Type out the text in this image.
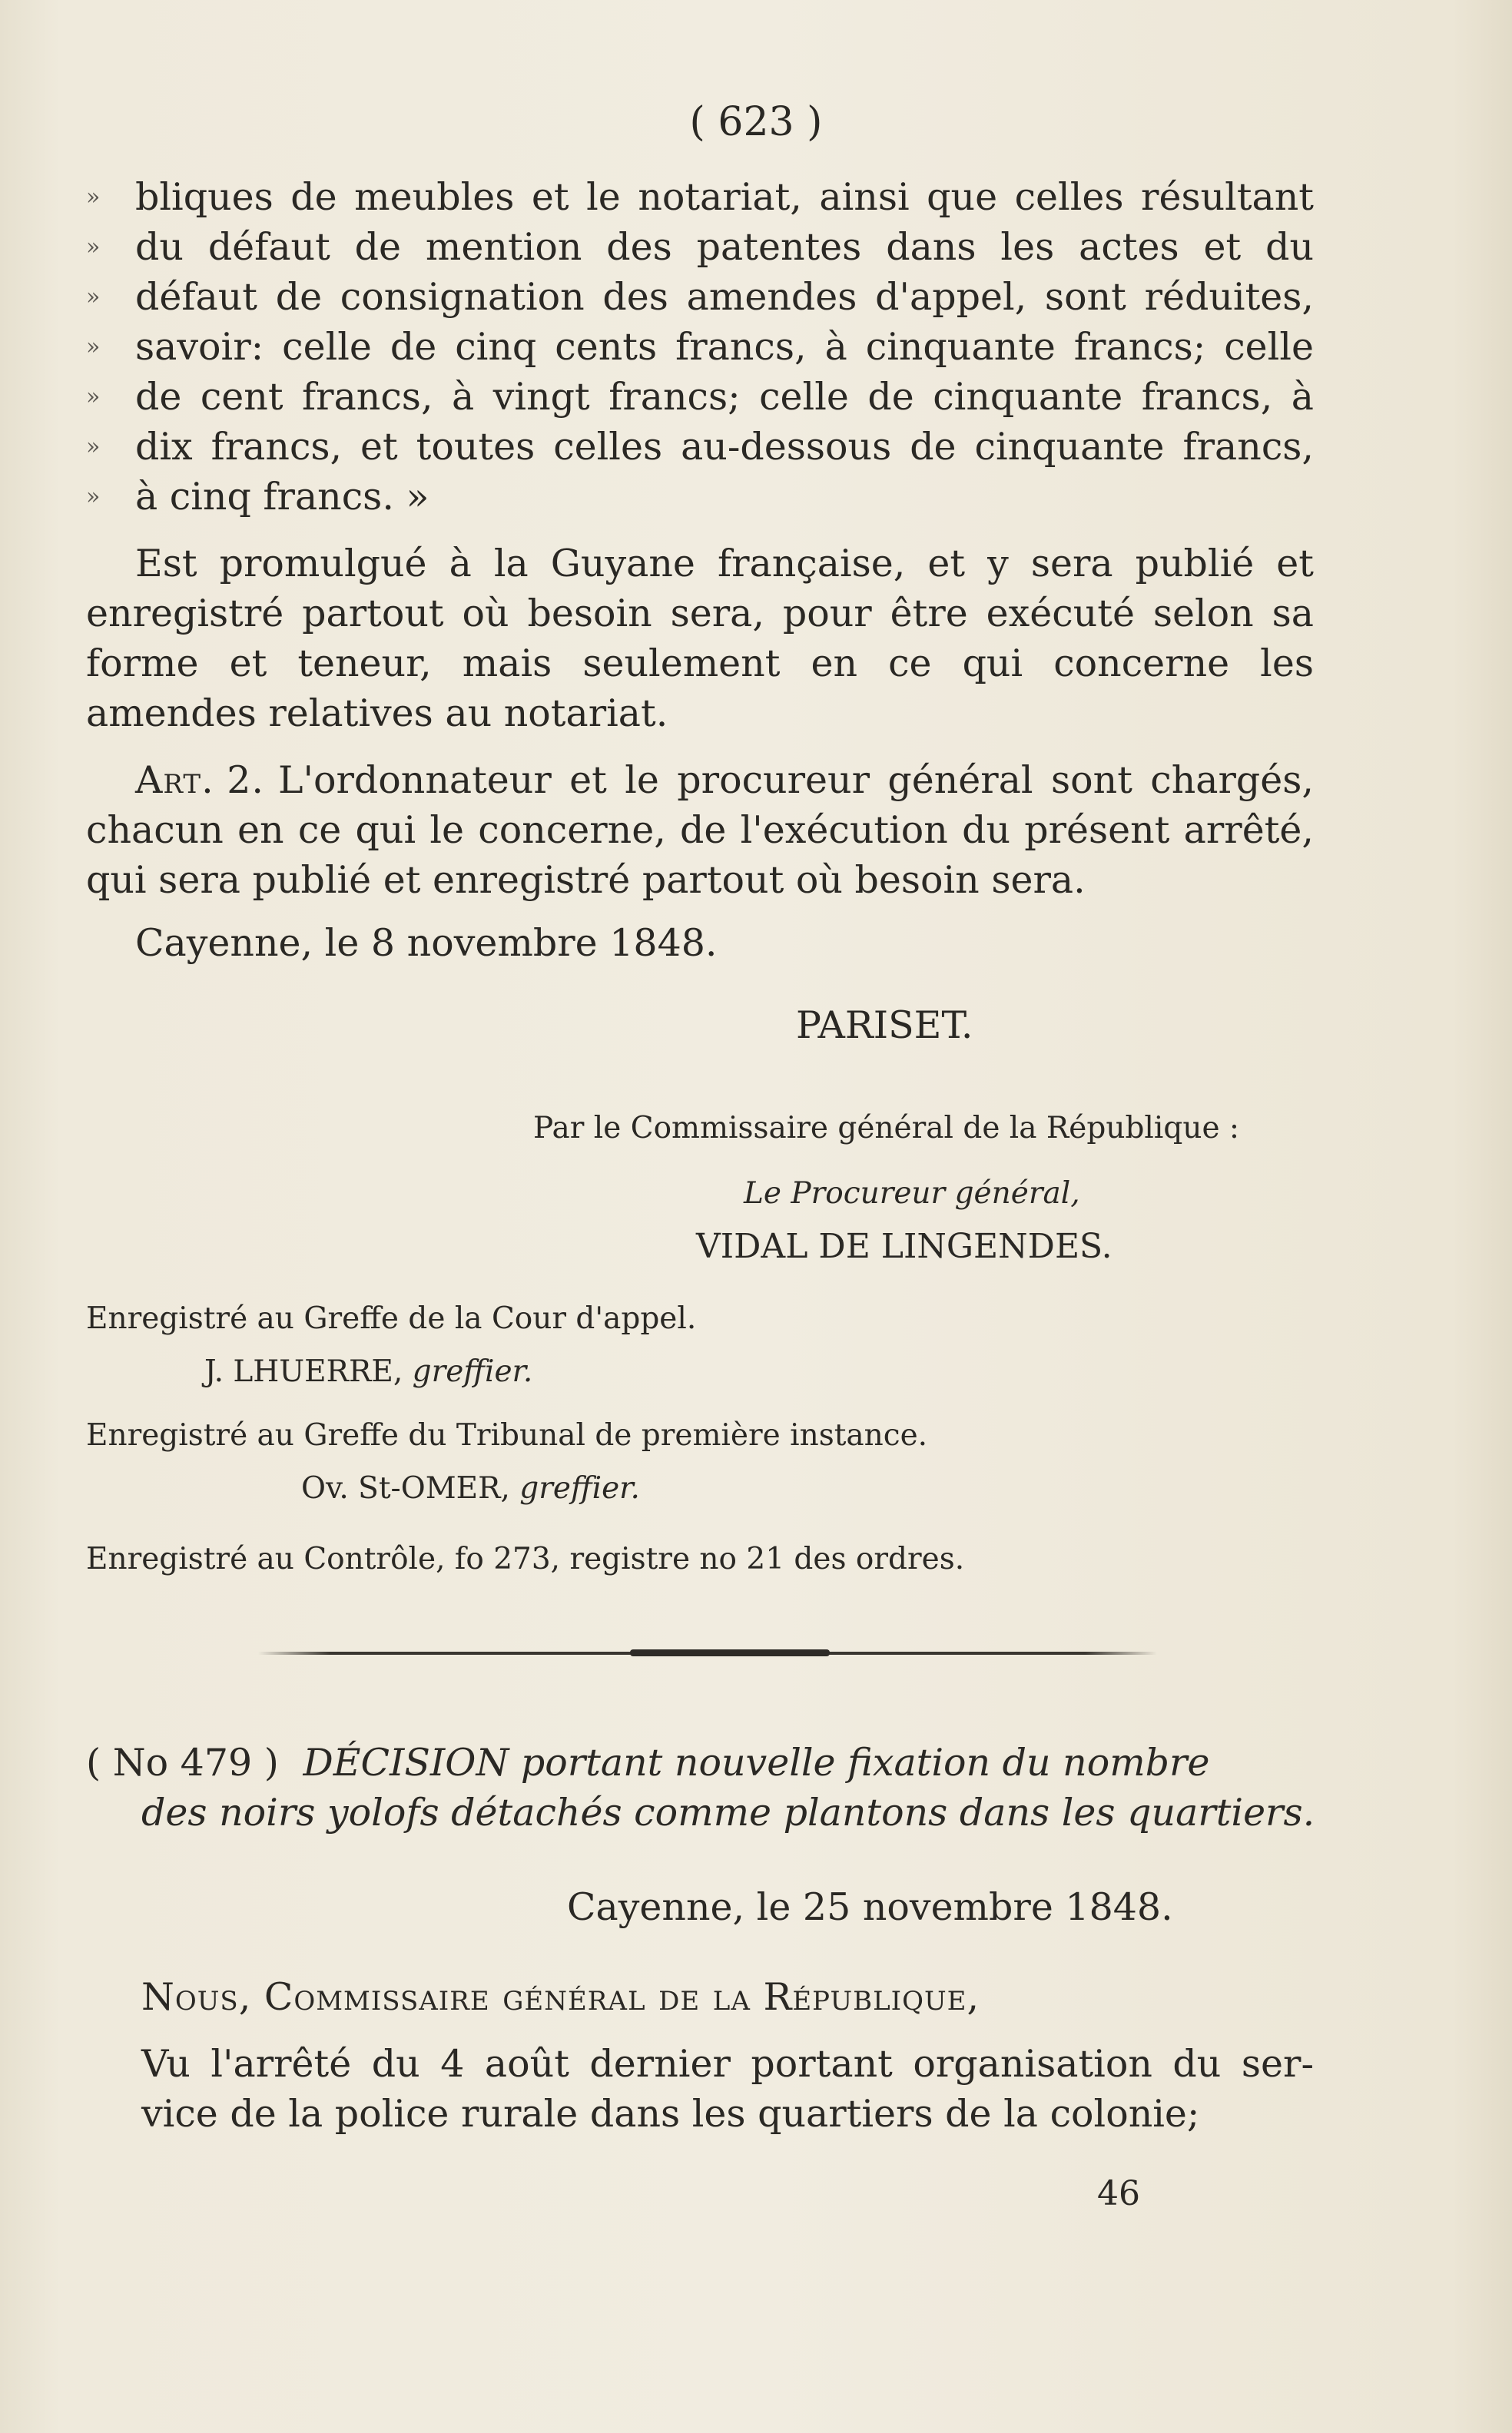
( 623 )
» bliques de meubles et le notariat, ainsi que celles résultant
» du défaut de mention des patentes dans les actes et du
» défaut de consignation des amendes d'appel, sont réduites,
» savoir: celle de cinq cents francs, à cinquante francs; celle
» de cent francs, à vingt francs; celle de cinquante francs, à
» dix francs, et toutes celles au-dessous de cinquante francs,
» à cinq francs. »
Est promulgué à la Guyane française, et y sera publié et
enregistré partout où besoin sera, pour être exécuté selon sa
forme et teneur, mais seulement en ce qui concerne les
amendes relatives au notariat.
Art. 2. L'ordonnateur et le procureur général sont chargés,
chacun en ce qui le concerne, de l'exécution du présent arrêté,
qui sera publié et enregistré partout où besoin sera.
Cayenne, le 8 novembre 1848.
PARISET.
Par le Commissaire général de la République :
Le Procureur général,
VIDAL DE LINGENDES.
Enregistré au Greffe de la Cour d'appel.
J. LHUERRE, greffier.
Enregistré au Greffe du Tribunal de première instance.
Ov. St-OMER, greffier.
Enregistré au Contrôle, fo 273, registre no 21 des ordres.
( No 479 ) DÉCISION portant nouvelle fixation du nombre
des noirs yolofs détachés comme plantons dans les quartiers.
Cayenne, le 25 novembre 1848.
Nous, Commissaire général de la République,
Vu l'arrêté du 4 août dernier portant organisation du ser-
vice de la police rurale dans les quartiers de la colonie;
46
